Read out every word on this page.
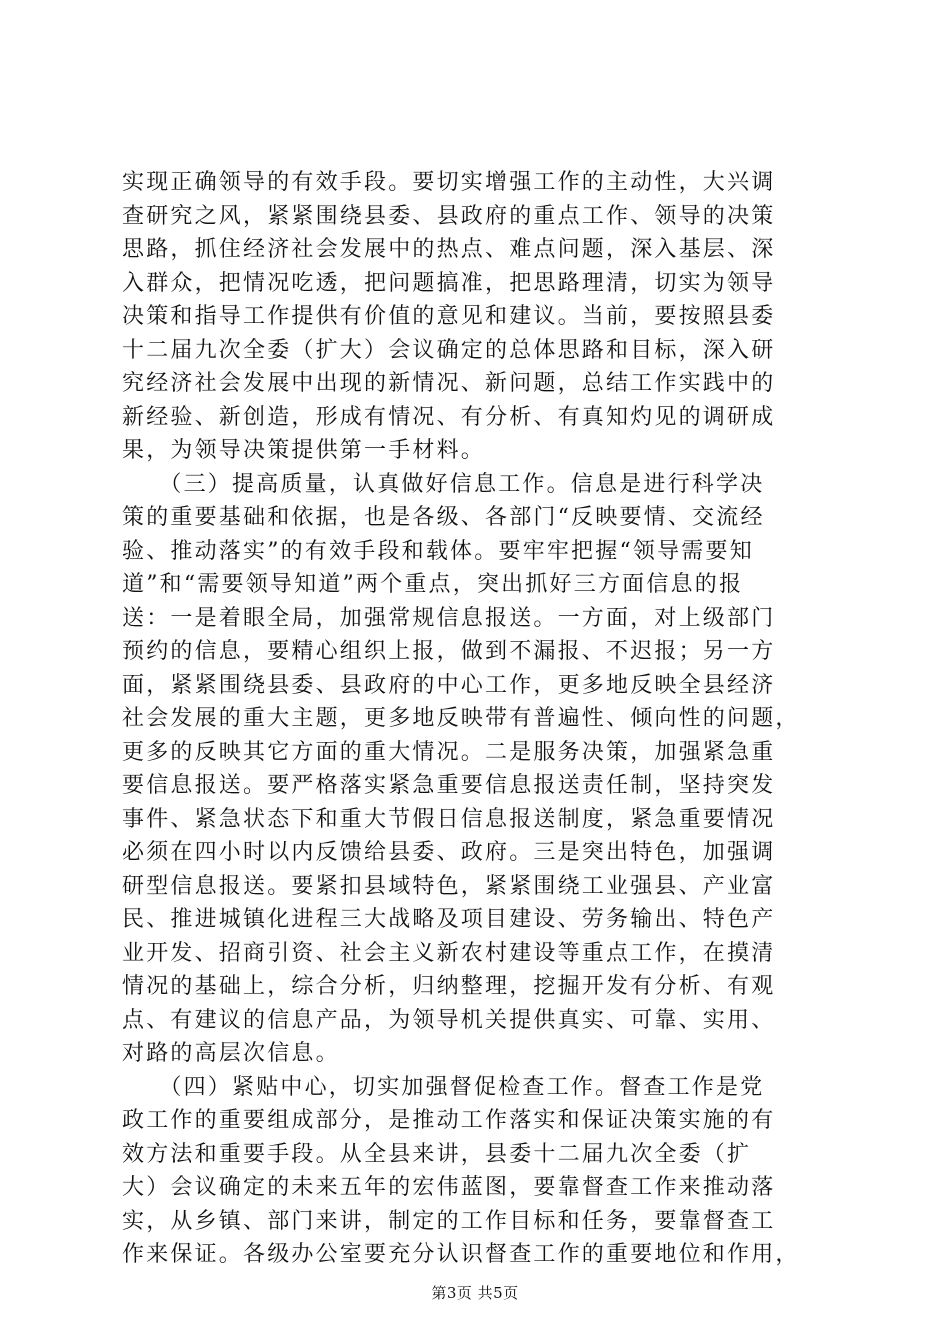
实现正确领导的有效手段。要切实增强工作的主动性，大兴调
查研究之风，紧紧围绕县委、县政府的重点工作、领导的决策
思路，抓住经济社会发展中的热点、难点问题，深入基层、深
入群众，把情况吃透，把问题搞准，把思路理清，切实为领导
决策和指导工作提供有价值的意见和建议。当前，要按照县委
十二届九次全委（扩大）会议确定的总体思路和目标，深入研
究经济社会发展中出现的新情况、新问题，总结工作实践中的
新经验、新创造，形成有情况、有分析、有真知灼见的调研成
果，为领导决策提供第一手材料。
　　（三）提高质量，认真做好信息工作。信息是进行科学决
策的重要基础和依据，也是各级、各部门“反映要情、交流经
验、推动落实”的有效手段和载体。要牢牢把握“领导需要知
道”和“需要领导知道”两个重点，突出抓好三方面信息的报
送：一是着眼全局，加强常规信息报送。一方面，对上级部门
预约的信息，要精心组织上报，做到不漏报、不迟报；另一方
面，紧紧围绕县委、县政府的中心工作，更多地反映全县经济
社会发展的重大主题，更多地反映带有普遍性、倾向性的问题，
更多的反映其它方面的重大情况。二是服务决策，加强紧急重
要信息报送。要严格落实紧急重要信息报送责任制，坚持突发
事件、紧急状态下和重大节假日信息报送制度，紧急重要情况
必须在四小时以内反馈给县委、政府。三是突出特色，加强调
研型信息报送。要紧扣县域特色，紧紧围绕工业强县、产业富
民、推进城镇化进程三大战略及项目建设、劳务输出、特色产
业开发、招商引资、社会主义新农村建设等重点工作，在摸清
情况的基础上，综合分析，归纳整理，挖掘开发有分析、有观
点、有建议的信息产品，为领导机关提供真实、可靠、实用、
对路的高层次信息。
　　（四）紧贴中心，切实加强督促检查工作。督查工作是党
政工作的重要组成部分，是推动工作落实和保证决策实施的有
效方法和重要手段。从全县来讲，县委十二届九次全委（扩
大）会议确定的未来五年的宏伟蓝图，要靠督查工作来推动落
实，从乡镇、部门来讲，制定的工作目标和任务，要靠督查工
作来保证。各级办公室要充分认识督查工作的重要地位和作用，
第3页 共5页
